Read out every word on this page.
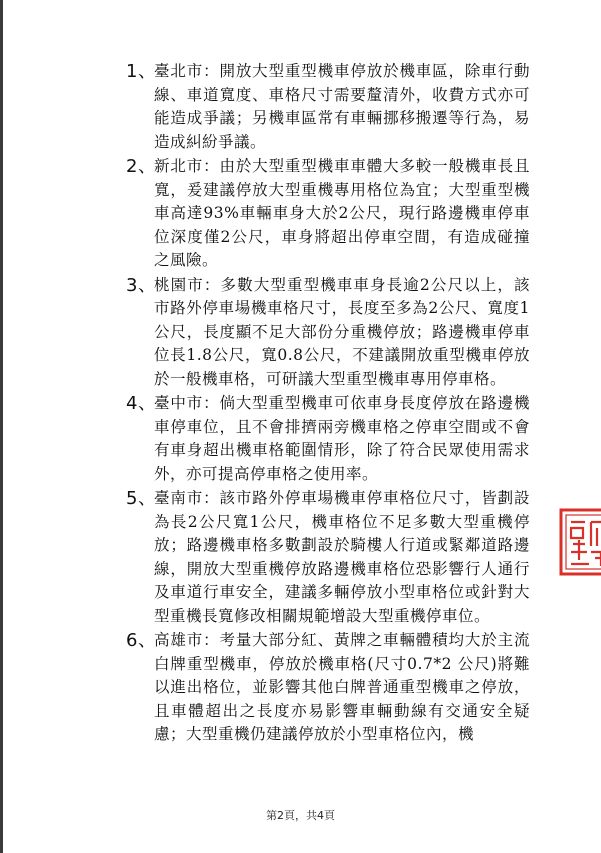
1、
臺北市：開放大型重型機車停放於機車區，除車行動線、車道寬度、車格尺寸需要釐清外，收費方式亦可能造成爭議；另機車區常有車輛挪移搬遷等行為，易造成糾紛爭議。
2、
新北市：由於大型重型機車車體大多較一般機車長且寬，爰建議停放大型重機專用格位為宜；大型重型機車高達93%車輛車身大於2公尺，現行路邊機車停車位深度僅2公尺，車身將超出停車空間，有造成碰撞之風險。
3、
桃園市：多數大型重型機車車身長逾2公尺以上，該市路外停車場機車格尺寸，長度至多為2公尺、寬度1公尺，長度顯不足大部份分重機停放；路邊機車停車位長1.8公尺，寬0.8公尺，不建議開放重型機車停放於一般機車格，可研議大型重型機車專用停車格。
4、
臺中市：倘大型重型機車可依車身長度停放在路邊機車停車位，且不會排擠兩旁機車格之停車空間或不會有車身超出機車格範圍情形，除了符合民眾使用需求外，亦可提高停車格之使用率。
5、
臺南市：該市路外停車場機車停車格位尺寸，皆劃設為長2公尺寬1公尺，機車格位不足多數大型重機停放；路邊機車格多數劃設於騎樓人行道或緊鄰道路邊線，開放大型重機停放路邊機車格位恐影響行人通行及車道行車安全，建議多輛停放小型車格位或針對大型重機長寬修改相關規範增設大型重機停車位。
6、
高雄市：考量大部分紅、黃牌之車輛體積均大於主流白牌重型機車，停放於機車格(尺寸0.7*2 公尺)將難以進出格位，並影響其他白牌普通重型機車之停放，且車體超出之長度亦易影響車輛動線有交通安全疑慮；大型重機仍建議停放於小型車格位內，機
第2頁，共4頁
